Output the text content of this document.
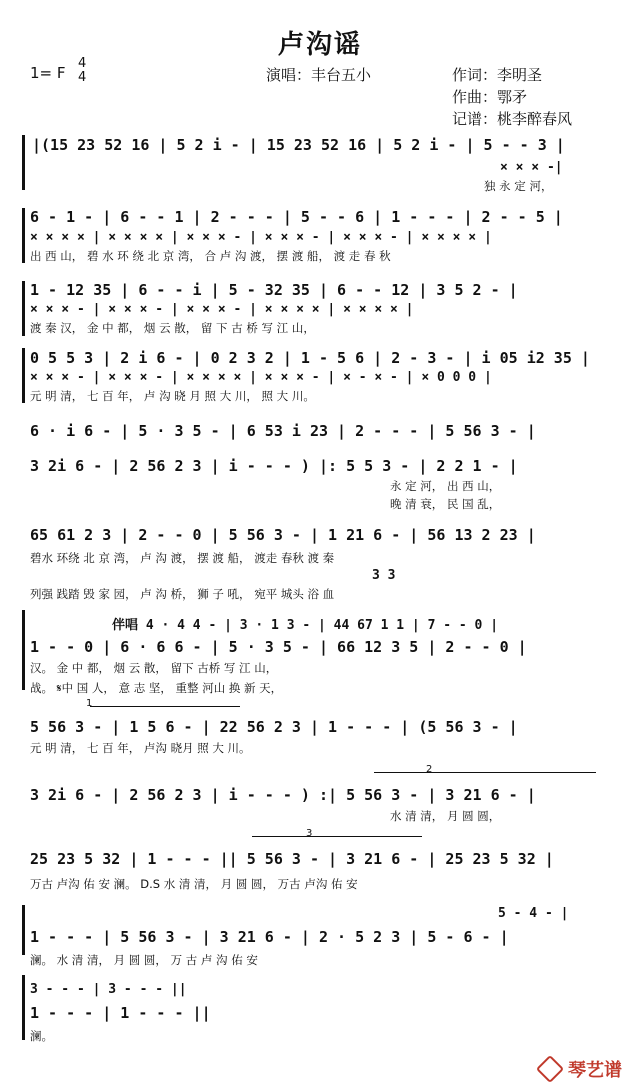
卢沟谣
1= F
4
4	演唱：丰台五小	作词：李明圣
作曲：鄂矛
记谱：桃李醉春风
|(15 23 52 16 | 5 2 i - | 15 23 52 16 | 5 2 i - | 5 - - 3 |
× × × -|
独 永 定 河，
6 - 1 - | 6 - - 1 | 2 - - - | 5 - - 6 | 1 - - - | 2 - - 5 |
× × × × | × × × × | × × × - | × × × - | × × × - | × × × × |
出 西 山， 碧 水 环 绕 北 京 湾， 合 卢 沟 渡， 摆 渡 船， 渡 走 春 秋
1 - 12 35 | 6 - - i | 5 - 32 35 | 6 - - 12 | 3 5 2 - |
× × × - | × × × - | × × × - | × × × × | × × × × |
渡 秦 汉， 金 中 都， 烟 云 散， 留 下 古 桥 写 江 山，
0 5 5 3 | 2 i 6 - | 0 2 3 2 | 1 - 5 6 | 2 - 3 - | i 05 i2 35 |
× × × - | × × × - | × × × × | × × × - | × - × - | × 0 0 0 |
元 明 清， 七 百 年， 卢 沟 晓 月 照 大 川， 照 大 川。
6 · i 6 - | 5 · 3 5 - | 6 53 i 23 | 2 - - - | 5 56 3 - |
3 2i 6 - | 2 56 2 3 | i - - - ) |: 5 5 3 - | 2 2 1 - |
永 定 河， 出 西 山，
晚 清 衰， 民 国 乱，
65 61 2 3 | 2 - - 0 | 5 56 3 - | 1 21 6 - | 56 13 2 23 |
碧水 环绕 北 京 湾， 卢 沟 渡， 摆 渡 船， 渡走 春秋 渡 秦
3 3
列强 践踏 毁 家 园， 卢 沟 桥， 狮 子 吼， 宛平 城头 浴 血
伴唱 4 · 4 4 - | 3 · 1 3 - | 44 67 1 1 | 7 - - 0 |
1 - - 0 | 6 · 6 6 - | 5 · 3 5 - | 66 12 3 5 | 2 - - 0 |
汉。 金 中 都， 烟 云 散， 留下 古桥 写 江 山，
战。 𝄋中 国 人， 意 志 坚， 重整 河山 换 新 天，
1
5 56 3 - | 1 5 6 - | 22 56 2 3 | 1 - - - | (5 56 3 - |
元 明 清， 七 百 年， 卢沟 晓月 照 大 川。
2
3 2i 6 - | 2 56 2 3 | i - - - ) :| 5 56 3 - | 3 21 6 - |
水 清 清， 月 圆 圆，
3
25 23 5 32 | 1 - - - || 5 56 3 - | 3 21 6 - | 25 23 5 32 |
万古 卢沟 佑 安 澜。 D.S 水 清 清， 月 圆 圆， 万古 卢沟 佑 安
5 - 4 - |
1 - - - | 5 56 3 - | 3 21 6 - | 2 · 5 2 3 | 5 - 6 - |
澜。 水 清 清， 月 圆 圆， 万 古 卢 沟 佑 安
3 - - - | 3 - - - ||
1 - - - | 1 - - - ||
澜。
琴艺谱
